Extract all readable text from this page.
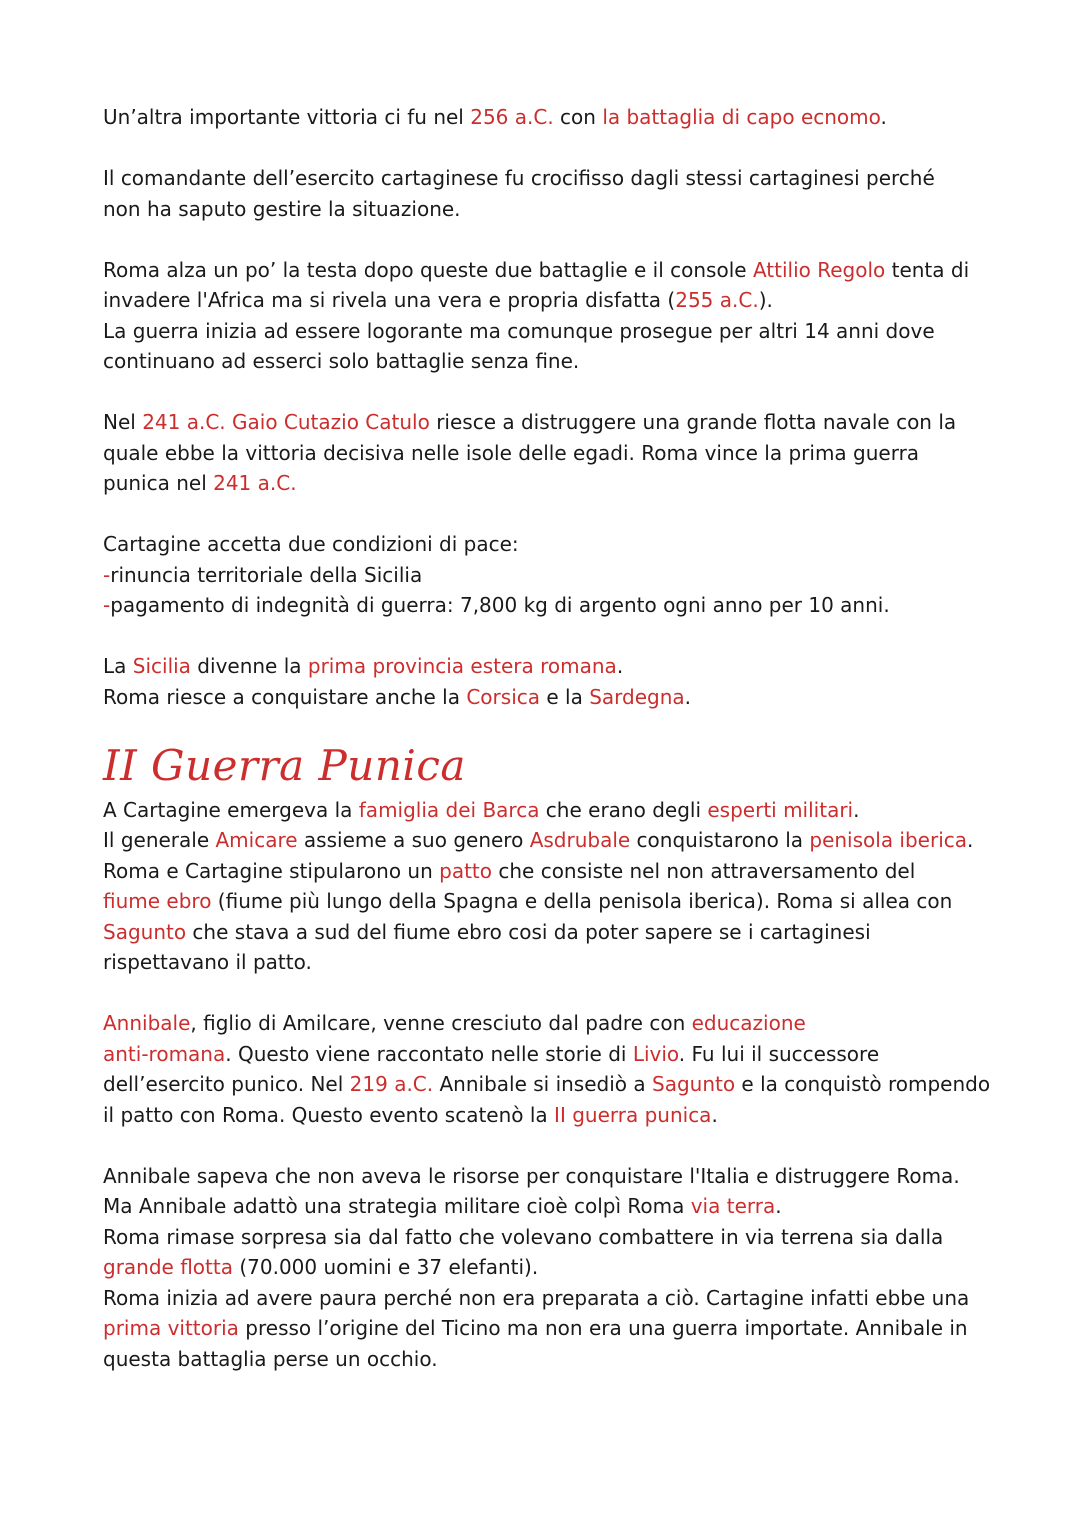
Un’altra importante vittoria ci fu nel 256 a.C. con la battaglia di capo ecnomo.

Il comandante dell’esercito cartaginese fu crocifisso dagli stessi cartaginesi perché
non ha saputo gestire la situazione.

Roma alza un po’ la testa dopo queste due battaglie e il console Attilio Regolo tenta di
invadere l'Africa ma si rivela una vera e propria disfatta (255 a.C.).
La guerra inizia ad essere logorante ma comunque prosegue per altri 14 anni dove
continuano ad esserci solo battaglie senza fine.

Nel 241 a.C. Gaio Cutazio Catulo riesce a distruggere una grande flotta navale con la
quale ebbe la vittoria decisiva nelle isole delle egadi. Roma vince la prima guerra
punica nel 241 a.C.

Cartagine accetta due condizioni di pace:
-rinuncia territoriale della Sicilia
-pagamento di indegnità di guerra: 7,800 kg di argento ogni anno per 10 anni.

La Sicilia divenne la prima provincia estera romana.
Roma riesce a conquistare anche la Corsica e la Sardegna.

II Guerra Punica

A Cartagine emergeva la famiglia dei Barca che erano degli esperti militari.
Il generale Amicare assieme a suo genero Asdrubale conquistarono la penisola iberica.
Roma e Cartagine stipularono un patto che consiste nel non attraversamento del
fiume ebro (fiume più lungo della Spagna e della penisola iberica). Roma si allea con
Sagunto che stava a sud del fiume ebro cosi da poter sapere se i cartaginesi
rispettavano il patto.

Annibale, figlio di Amilcare, venne cresciuto dal padre con educazione
anti-romana. Questo viene raccontato nelle storie di Livio. Fu lui il successore
dell’esercito punico. Nel 219 a.C. Annibale si insediò a Sagunto e la conquistò rompendo
il patto con Roma. Questo evento scatenò la II guerra punica.

Annibale sapeva che non aveva le risorse per conquistare l'Italia e distruggere Roma.
Ma Annibale adattò una strategia militare cioè colpì Roma via terra.
Roma rimase sorpresa sia dal fatto che volevano combattere in via terrena sia dalla
grande flotta (70.000 uomini e 37 elefanti).
Roma inizia ad avere paura perché non era preparata a ciò. Cartagine infatti ebbe una
prima vittoria presso l’origine del Ticino ma non era una guerra importate. Annibale in
questa battaglia perse un occhio.
